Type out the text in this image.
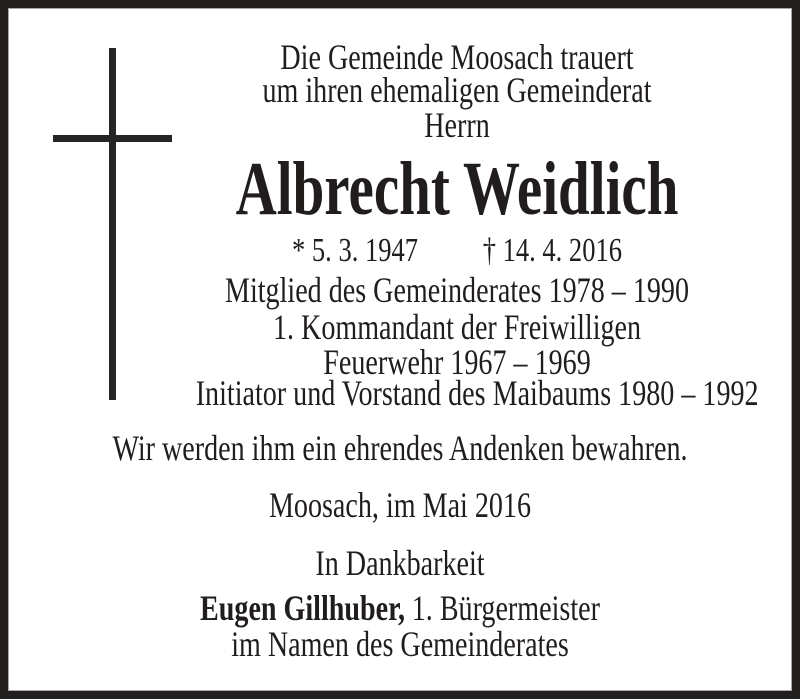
Die Gemeinde Moosach trauert
um ihren ehemaligen Gemeinderat
Herrn
Albrecht Weidlich
* 5. 3. 1947 † 14. 4. 2016
Mitglied des Gemeinderates 1978 – 1990
1. Kommandant der Freiwilligen
Feuerwehr 1967 – 1969
Initiator und Vorstand des Maibaums 1980 – 1992
Wir werden ihm ein ehrendes Andenken bewahren.
Moosach, im Mai 2016
In Dankbarkeit
Eugen Gillhuber, 1. Bürgermeister
im Namen des Gemeinderates
